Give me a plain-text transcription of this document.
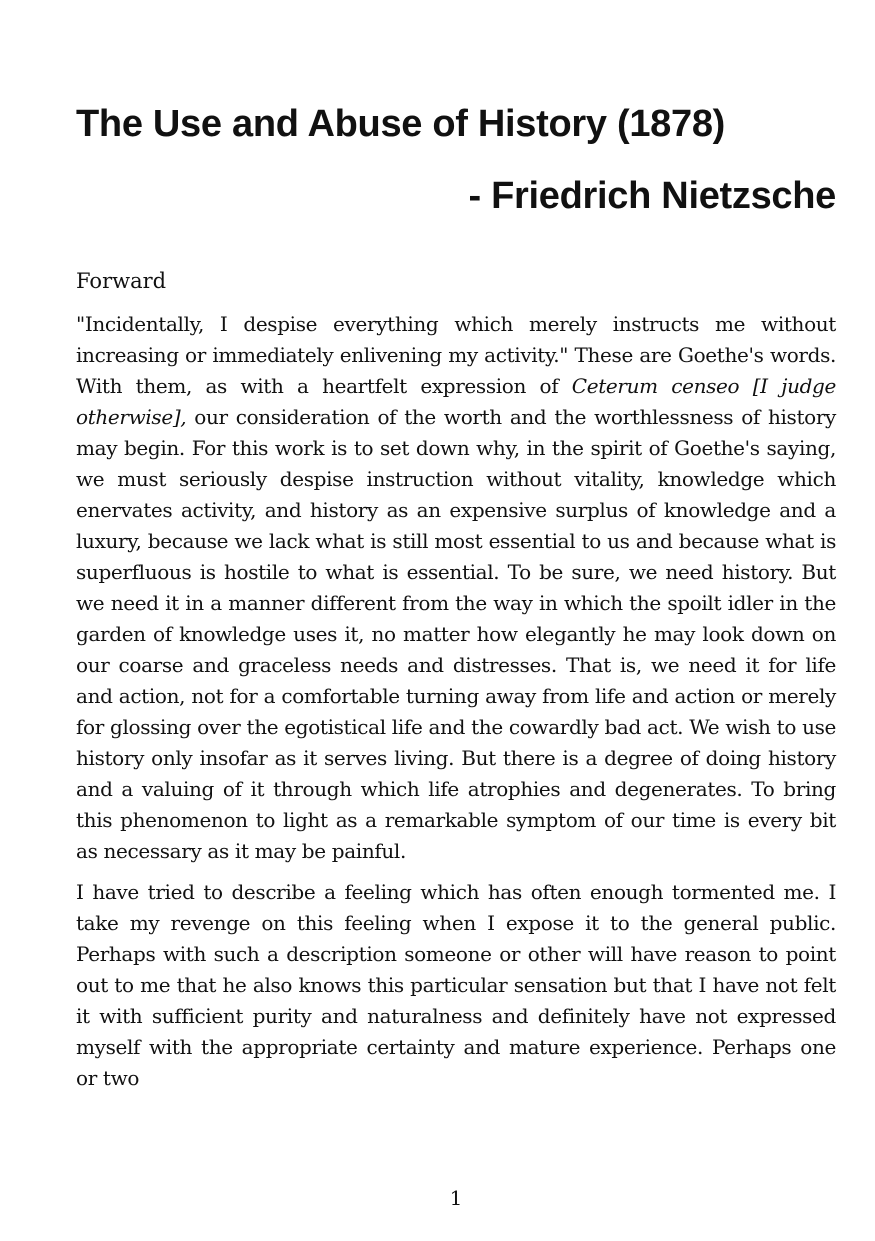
The Use and Abuse of History (1878)
- Friedrich Nietzsche
Forward

"Incidentally, I despise everything which merely instructs me without increasing or immediately enlivening my activity." These are Goethe's words. With them, as with a heartfelt expression of Ceterum censeo [I judge otherwise], our consideration of the worth and the worthlessness of history may begin. For this work is to set down why, in the spirit of Goethe's saying, we must seriously despise instruction without vitality, knowledge which enervates activity, and history as an expensive surplus of knowledge and a luxury, because we lack what is still most essential to us and because what is superfluous is hostile to what is essential. To be sure, we need history. But we need it in a manner different from the way in which the spoilt idler in the garden of knowledge uses it, no matter how elegantly he may look down on our coarse and graceless needs and distresses. That is, we need it for life and action, not for a comfortable turning away from life and action or merely for glossing over the egotistical life and the cowardly bad act. We wish to use history only insofar as it serves living. But there is a degree of doing history and a valuing of it through which life atrophies and degenerates. To bring this phenomenon to light as a remarkable symptom of our time is every bit as necessary as it may be painful.

I have tried to describe a feeling which has often enough tormented me. I take my revenge on this feeling when I expose it to the general public. Perhaps with such a description someone or other will have reason to point out to me that he also knows this particular sensation but that I have not felt it with sufficient purity and naturalness and definitely have not expressed myself with the appropriate certainty and mature experience. Perhaps one or two

1
